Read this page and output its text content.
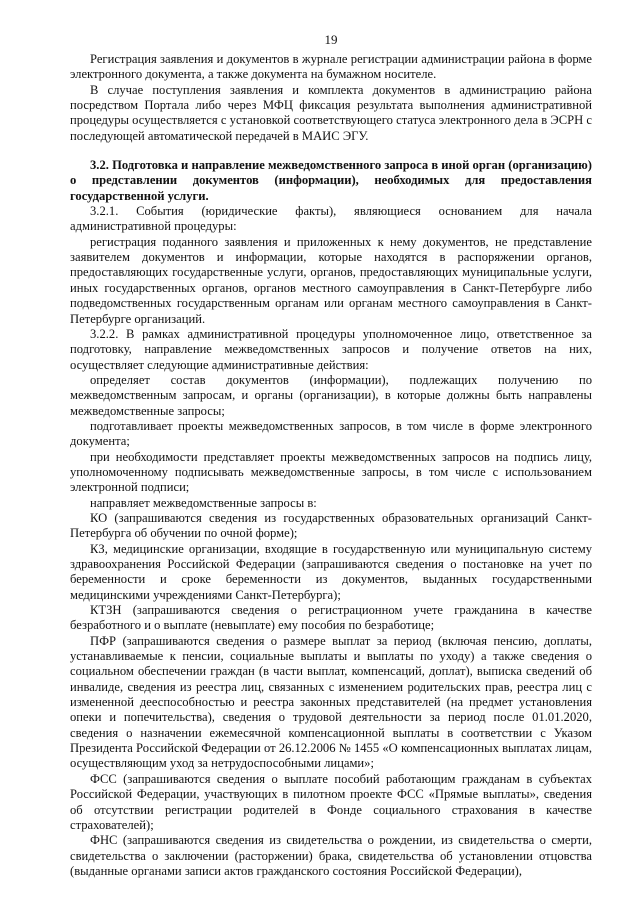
19

Регистрация заявления и документов в журнале регистрации администрации района в форме электронного документа, а также документа на бумажном носителе.

В случае поступления заявления и комплекта документов в администрацию района посредством Портала либо через МФЦ фиксация результата выполнения административной процедуры осуществляется с установкой соответствующего статуса электронного дела в ЭСРН с последующей автоматической передачей в МАИС ЭГУ.

3.2. Подготовка и направление межведомственного запроса в иной орган (организацию) о представлении документов (информации), необходимых для предоставления государственной услуги.

3.2.1. События (юридические факты), являющиеся основанием для начала административной процедуры:

регистрация поданного заявления и приложенных к нему документов, не представление заявителем документов и информации, которые находятся в распоряжении органов, предоставляющих государственные услуги, органов, предоставляющих муниципальные услуги, иных государственных органов, органов местного самоуправления в Санкт-Петербурге либо подведомственных государственным органам или органам местного самоуправления в Санкт-Петербурге организаций.

3.2.2. В рамках административной процедуры уполномоченное лицо, ответственное за подготовку, направление межведомственных запросов и получение ответов на них, осуществляет следующие административные действия:

определяет состав документов (информации), подлежащих получению по межведомственным запросам, и органы (организации), в которые должны быть направлены межведомственные запросы;

подготавливает проекты межведомственных запросов, в том числе в форме электронного документа;

при необходимости представляет проекты межведомственных запросов на подпись лицу, уполномоченному подписывать межведомственные запросы, в том числе с использованием электронной подписи;

направляет межведомственные запросы в:

КО (запрашиваются сведения из государственных образовательных организаций Санкт-Петербурга об обучении по очной форме);

КЗ, медицинские организации, входящие в государственную или муниципальную систему здравоохранения Российской Федерации (запрашиваются сведения о постановке на учет по беременности и сроке беременности из документов, выданных государственными медицинскими учреждениями Санкт-Петербурга);

КТЗН (запрашиваются сведения о регистрационном учете гражданина в качестве безработного и о выплате (невыплате) ему пособия по безработице;

ПФР (запрашиваются сведения о размере выплат за период (включая пенсию, доплаты, устанавливаемые к пенсии, социальные выплаты и выплаты по уходу) а также сведения о социальном обеспечении граждан (в части выплат, компенсаций, доплат), выписка сведений об инвалиде, сведения из реестра лиц, связанных с изменением родительских прав, реестра лиц с измененной дееспособностью и реестра законных представителей (на предмет установления опеки и попечительства), сведения о трудовой деятельности за период после 01.01.2020, сведения о назначении ежемесячной компенсационной выплаты в соответствии с Указом Президента Российской Федерации от 26.12.2006 № 1455 «О компенсационных выплатах лицам, осуществляющим уход за нетрудоспособными лицами»;

ФСС (запрашиваются сведения о выплате пособий работающим гражданам в субъектах Российской Федерации, участвующих в пилотном проекте ФСС «Прямые выплаты», сведения об отсутствии регистрации родителей в Фонде социального страхования в качестве страхователей);

ФНС (запрашиваются сведения из свидетельства о рождении, из свидетельства о смерти, свидетельства о заключении (расторжении) брака, свидетельства об установлении отцовства (выданные органами записи актов гражданского состояния Российской Федерации),
